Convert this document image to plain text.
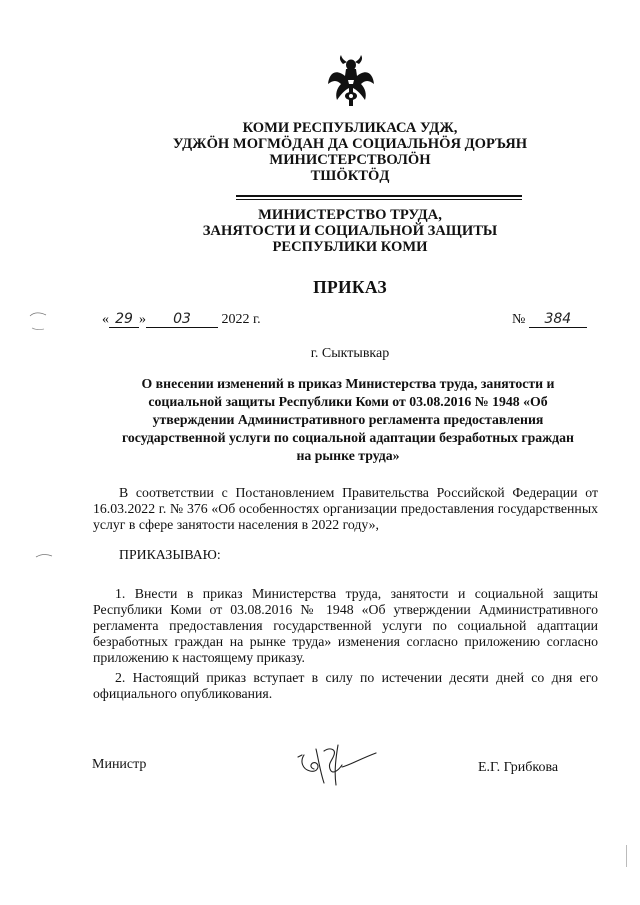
КОМИ РЕСПУБЛИКАСА УДЖ,
УДЖӦН МОГМӦДАН ДА СОЦИАЛЬНӦЯ ДОРЪЯН
МИНИСТЕРСТВОЛӦН
ТШӦКТӦД
МИНИСТЕРСТВО ТРУДА,
ЗАНЯТОСТИ И СОЦИАЛЬНОЙ ЗАЩИТЫ
РЕСПУБЛИКИ КОМИ
ПРИКАЗ
« 29 » 03 2022 г.	№ 384
г. Сыктывкар
О внесении изменений в приказ Министерства труда, занятости и
социальной защиты Республики Коми от 03.08.2016 № 1948 «Об
утверждении Административного регламента предоставления
государственной услуги по социальной адаптации безработных граждан
на рынке труда»
В соответствии с Постановлением Правительства Российской Федерации от 16.03.2022 г. № 376 «Об особенностях организации предоставления государственных услуг в сфере занятости населения в 2022 году»,
ПРИКАЗЫВАЮ:
1. Внести в приказ Министерства труда, занятости и социальной защиты Республики Коми от 03.08.2016 № 1948 «Об утверждении Административного регламента предоставления государственной услуги по социальной адаптации безработных граждан на рынке труда» изменения согласно приложению согласно приложению к настоящему приказу.
2. Настоящий приказ вступает в силу по истечении десяти дней со дня его официального опубликования.
Министр	Е.Г. Грибкова
